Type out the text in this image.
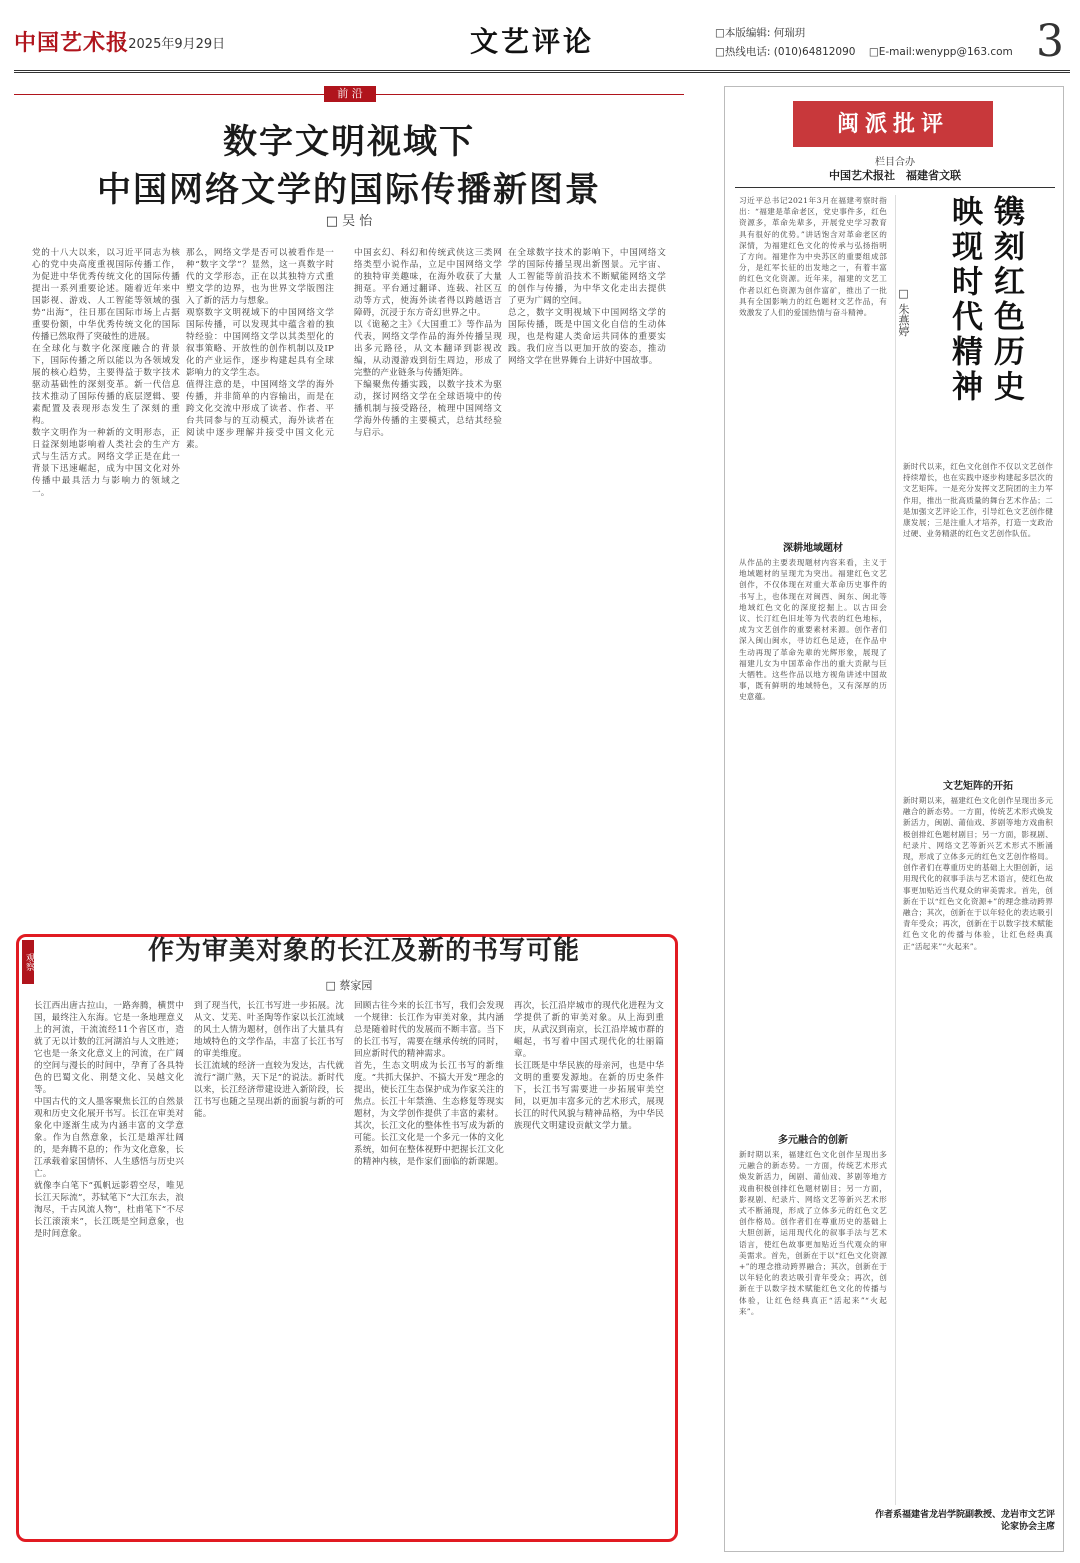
中国艺术报
· 2025年9月29日	文艺评论	□本版编辑: 何瑞玥
□热线电话: (010)64812090 □E-mail:wenypp@163.com 3
前 沿
数字文明视域下
中国网络文学的国际传播新图景
□ 吴 怡

党的十八大以来，以习近平同志为核心的党中央高度重视国际传播工作，为促进中华优秀传统文化的国际传播提出一系列重要论述。随着近年来中国影视、游戏、人工智能等领域的强势“出海”，往日那在国际市场上占据重要份额，中华优秀传统文化的国际传播已然取得了突破性的进展。

在全球化与数字化深度融合的背景下，国际传播之所以能以为各领域发展的核心趋势，主要得益于数字技术驱动基础性的深刻变革。新一代信息技术推动了国际传播的底层逻辑、要素配置及表现形态发生了深刻的重构。

数字文明作为一种新的文明形态，正日益深刻地影响着人类社会的生产方式与生活方式。网络文学正是在此一背景下迅速崛起，成为中国文化对外传播中最具活力与影响力的领域之一。

那么，网络文学是否可以被看作是一种“数字文学”？显然，这一真数字时代的文学形态，正在以其独特方式重塑文学的边界，也为世界文学版图注入了新的活力与想象。

观察数字文明视域下的中国网络文学国际传播，可以发现其中蕴含着的独特经验：中国网络文学以其类型化的叙事策略、开放性的创作机制以及IP化的产业运作，逐步构建起具有全球影响力的文学生态。

值得注意的是，中国网络文学的海外传播，并非简单的内容输出，而是在跨文化交流中形成了读者、作者、平台共同参与的互动模式，海外读者在阅读中逐步理解并接受中国文化元素。

中国玄幻、科幻和传统武侠这三类网络类型小说作品，立足中国网络文学的独特审美趣味，在海外收获了大量拥趸。平台通过翻译、连载、社区互动等方式，使海外读者得以跨越语言障碍，沉浸于东方奇幻世界之中。

以《诡秘之主》《大国重工》等作品为代表，网络文学作品的海外传播呈现出多元路径，从文本翻译到影视改编，从动漫游戏到衍生周边，形成了完整的产业链条与传播矩阵。

下编聚焦传播实践，以数字技术为驱动，探讨网络文学在全球语境中的传播机制与接受路径，梳理中国网络文学海外传播的主要模式，总结其经验与启示。

在全球数字技术的影响下，中国网络文学的国际传播呈现出新图景。元宇宙、人工智能等前沿技术不断赋能网络文学的创作与传播，为中华文化走出去提供了更为广阔的空间。

总之，数字文明视域下中国网络文学的国际传播，既是中国文化自信的生动体现，也是构建人类命运共同体的重要实践。我们应当以更加开放的姿态，推动网络文学在世界舞台上讲好中国故事。

观察	作为审美对象的长江及新的书写可能
□ 蔡家园

长江西出唐古拉山，一路奔腾，横贯中国，最终注入东海。它是一条地理意义上的河流，干流流经11个省区市，造就了无以计数的江河湖泊与人文胜迹；它也是一条文化意义上的河流，在广阔的空间与漫长的时间中，孕育了各具特色的巴蜀文化、荆楚文化、吴越文化等。

中国古代的文人墨客聚焦长江的自然景观和历史文化展开书写。长江在审美对象化中逐渐生成为内涵丰富的文学意象。作为自然意象，长江是雄浑壮阔的，是奔腾不息的；作为文化意象，长江承载着家国情怀、人生感悟与历史兴亡。

就像李白笔下“孤帆远影碧空尽，唯见长江天际流”，苏轼笔下“大江东去，浪淘尽，千古风流人物”，杜甫笔下“不尽长江滚滚来”，长江既是空间意象，也是时间意象。

到了现当代，长江书写进一步拓展。沈从文、艾芜、叶圣陶等作家以长江流域的风土人情为题材，创作出了大量具有地域特色的文学作品，丰富了长江书写的审美维度。

长江流域的经济一直较为发达，古代就流行“湖广熟，天下足”的说法。新时代以来，长江经济带建设进入新阶段，长江书写也随之呈现出新的面貌与新的可能。

回顾古往今来的长江书写，我们会发现一个规律：长江作为审美对象，其内涵总是随着时代的发展而不断丰富。当下的长江书写，需要在继承传统的同时，回应新时代的精神需求。

首先，生态文明成为长江书写的新维度。“共抓大保护、不搞大开发”理念的提出，使长江生态保护成为作家关注的焦点。长江十年禁渔、生态修复等现实题材，为文学创作提供了丰富的素材。

其次，长江文化的整体性书写成为新的可能。长江文化是一个多元一体的文化系统，如何在整体视野中把握长江文化的精神内核，是作家们面临的新课题。

再次，长江沿岸城市的现代化进程为文学提供了新的审美对象。从上海到重庆，从武汉到南京，长江沿岸城市群的崛起，书写着中国式现代化的壮丽篇章。

长江既是中华民族的母亲河，也是中华文明的重要发源地。在新的历史条件下，长江书写需要进一步拓展审美空间，以更加丰富多元的艺术形式，展现长江的时代风貌与精神品格，为中华民族现代文明建设贡献文学力量。

闽派批评
栏目合办
中国艺术报社　福建省文联
镌刻红色历史
映现时代精神
□ 朱燕婷
习近平总书记2021年3月在福建考察时指出：“福建是革命老区，党史事件多，红色资源多，革命先辈多，开展党史学习教育具有很好的优势。”讲话饱含对革命老区的深情，为福建红色文化的传承与弘扬指明了方向。福建作为中央苏区的重要组成部分，是红军长征的出发地之一，有着丰富的红色文化资源。近年来，福建的文艺工作者以红色资源为创作富矿，推出了一批具有全国影响力的红色题材文艺作品，有效激发了人们的爱国热情与奋斗精神。
深耕地域题材
从作品的主要表现题材内容来看，主义于地域题材的呈现尤为突出。福建红色文艺创作，不仅体现在对重大革命历史事件的书写上，也体现在对闽西、闽东、闽北等地域红色文化的深度挖掘上。以古田会议、长汀红色旧址等为代表的红色地标，成为文艺创作的重要素材来源。创作者们深入闽山闽水，寻访红色足迹，在作品中生动再现了革命先辈的光辉形象，展现了福建儿女为中国革命作出的重大贡献与巨大牺牲。这些作品以地方视角讲述中国故事，既有鲜明的地域特色，又有深厚的历史意蕴。
新时代以来，红色文化创作不仅以文艺创作持续增长，也在实践中逐步构建起多层次的文艺矩阵。一是充分发挥文艺院团的主力军作用，推出一批高质量的舞台艺术作品；二是加强文艺评论工作，引导红色文艺创作健康发展；三是注重人才培养，打造一支政治过硬、业务精湛的红色文艺创作队伍。
文艺矩阵的开拓
新时期以来，福建红色文化创作呈现出多元融合的新态势。一方面，传统艺术形式焕发新活力，闽剧、莆仙戏、芗剧等地方戏曲积极创排红色题材剧目；另一方面，影视剧、纪录片、网络文艺等新兴艺术形式不断涌现，形成了立体多元的红色文艺创作格局。创作者们在尊重历史的基础上大胆创新，运用现代化的叙事手法与艺术语言，使红色故事更加贴近当代观众的审美需求。首先，创新在于以“红色文化资源+”的理念推动跨界融合；其次，创新在于以年轻化的表达吸引青年受众；再次，创新在于以数字技术赋能红色文化的传播与体验，让红色经典真正“活起来”“火起来”。
多元融合的创新
新时期以来，福建红色文化创作呈现出多元融合的新态势。一方面，传统艺术形式焕发新活力，闽剧、莆仙戏、芗剧等地方戏曲积极创排红色题材剧目；另一方面，影视剧、纪录片、网络文艺等新兴艺术形式不断涌现，形成了立体多元的红色文艺创作格局。创作者们在尊重历史的基础上大胆创新，运用现代化的叙事手法与艺术语言，使红色故事更加贴近当代观众的审美需求。首先，创新在于以“红色文化资源+”的理念推动跨界融合；其次，创新在于以年轻化的表达吸引青年受众；再次，创新在于以数字技术赋能红色文化的传播与体验，让红色经典真正“活起来”“火起来”。
作者系福建省龙岩学院副教授、龙岩市文艺评论家协会主席
